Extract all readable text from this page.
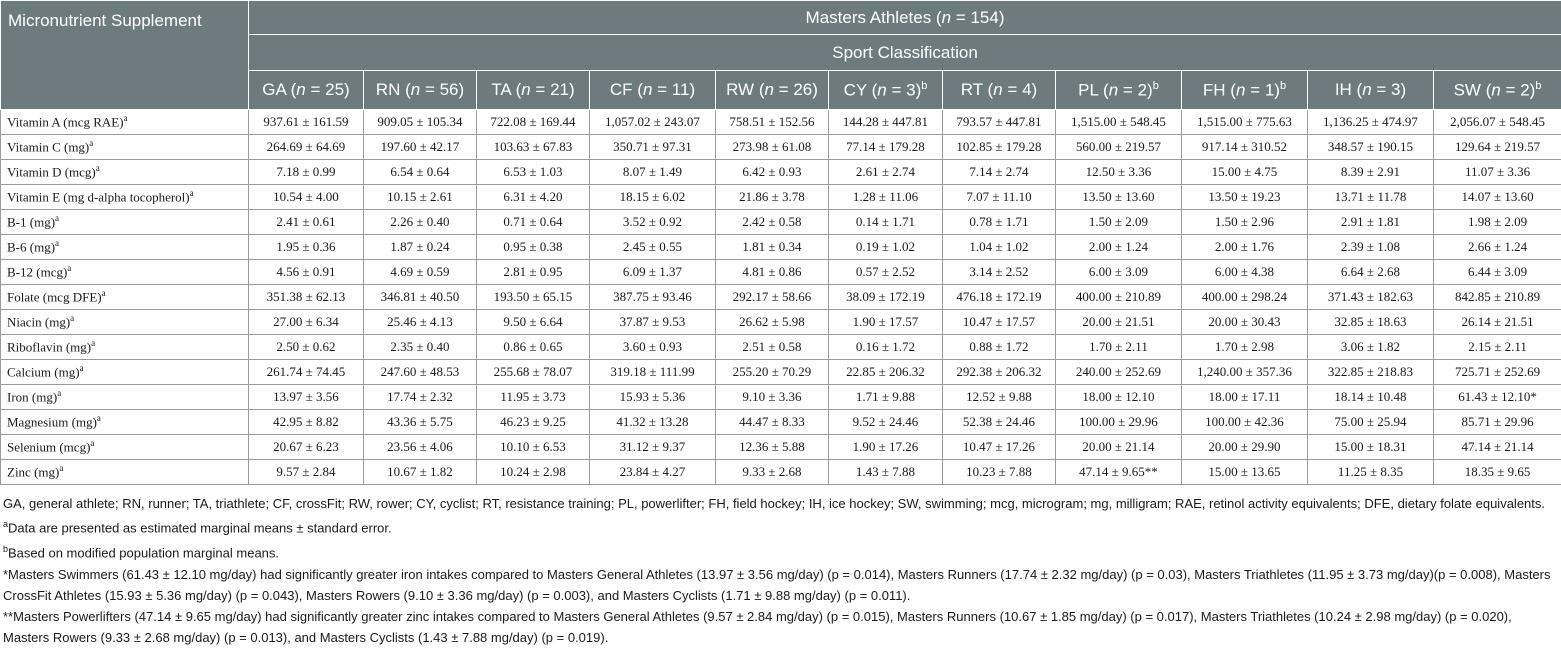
Micronutrient Supplement	Masters Athletes (n = 154)										
	Sport Classification										
	GA (n = 25)	RN (n = 56)	TA (n = 21)	CF (n = 11)	RW (n = 26)	CY (n = 3)$^b$	RT (n = 4)	PL (n = 2)$^b$	FH (n = 1)$^b$	IH (n = 3)	SW (n = 2)$^b$
Vitamin A (mcg RAE)$^a$	937.61 ± 161.59	909.05 ± 105.34	722.08 ± 169.44	1,057.02 ± 243.07	758.51 ± 152.56	144.28 ± 447.81	793.57 ± 447.81	1,515.00 ± 548.45	1,515.00 ± 775.63	1,136.25 ± 474.97	2,056.07 ± 548.45
Vitamin C (mg)$^a$	264.69 ± 64.69	197.60 ± 42.17	103.63 ± 67.83	350.71 ± 97.31	273.98 ± 61.08	77.14 ± 179.28	102.85 ± 179.28	560.00 ± 219.57	917.14 ± 310.52	348.57 ± 190.15	129.64 ± 219.57
Vitamin D (mcg)$^a$	7.18 ± 0.99	6.54 ± 0.64	6.53 ± 1.03	8.07 ± 1.49	6.42 ± 0.93	2.61 ± 2.74	7.14 ± 2.74	12.50 ± 3.36	15.00 ± 4.75	8.39 ± 2.91	11.07 ± 3.36
Vitamin E (mg d-alpha tocopherol)$^a$	10.54 ± 4.00	10.15 ± 2.61	6.31 ± 4.20	18.15 ± 6.02	21.86 ± 3.78	1.28 ± 11.06	7.07 ± 11.10	13.50 ± 13.60	13.50 ± 19.23	13.71 ± 11.78	14.07 ± 13.60
B-1 (mg)$^a$	2.41 ± 0.61	2.26 ± 0.40	0.71 ± 0.64	3.52 ± 0.92	2.42 ± 0.58	0.14 ± 1.71	0.78 ± 1.71	1.50 ± 2.09	1.50 ± 2.96	2.91 ± 1.81	1.98 ± 2.09
B-6 (mg)$^a$	1.95 ± 0.36	1.87 ± 0.24	0.95 ± 0.38	2.45 ± 0.55	1.81 ± 0.34	0.19 ± 1.02	1.04 ± 1.02	2.00 ± 1.24	2.00 ± 1.76	2.39 ± 1.08	2.66 ± 1.24
B-12 (mcg)$^a$	4.56 ± 0.91	4.69 ± 0.59	2.81 ± 0.95	6.09 ± 1.37	4.81 ± 0.86	0.57 ± 2.52	3.14 ± 2.52	6.00 ± 3.09	6.00 ± 4.38	6.64 ± 2.68	6.44 ± 3.09
Folate (mcg DFE)$^a$	351.38 ± 62.13	346.81 ± 40.50	193.50 ± 65.15	387.75 ± 93.46	292.17 ± 58.66	38.09 ± 172.19	476.18 ± 172.19	400.00 ± 210.89	400.00 ± 298.24	371.43 ± 182.63	842.85 ± 210.89
Niacin (mg)$^a$	27.00 ± 6.34	25.46 ± 4.13	9.50 ± 6.64	37.87 ± 9.53	26.62 ± 5.98	1.90 ± 17.57	10.47 ± 17.57	20.00 ± 21.51	20.00 ± 30.43	32.85 ± 18.63	26.14 ± 21.51
Riboflavin (mg)$^a$	2.50 ± 0.62	2.35 ± 0.40	0.86 ± 0.65	3.60 ± 0.93	2.51 ± 0.58	0.16 ± 1.72	0.88 ± 1.72	1.70 ± 2.11	1.70 ± 2.98	3.06 ± 1.82	2.15 ± 2.11
Calcium (mg)$^a$	261.74 ± 74.45	247.60 ± 48.53	255.68 ± 78.07	319.18 ± 111.99	255.20 ± 70.29	22.85 ± 206.32	292.38 ± 206.32	240.00 ± 252.69	1,240.00 ± 357.36	322.85 ± 218.83	725.71 ± 252.69
Iron (mg)$^a$	13.97 ± 3.56	17.74 ± 2.32	11.95 ± 3.73	15.93 ± 5.36	9.10 ± 3.36	1.71 ± 9.88	12.52 ± 9.88	18.00 ± 12.10	18.00 ± 17.11	18.14 ± 10.48	61.43 ± 12.10*
Magnesium (mg)$^a$	42.95 ± 8.82	43.36 ± 5.75	46.23 ± 9.25	41.32 ± 13.28	44.47 ± 8.33	9.52 ± 24.46	52.38 ± 24.46	100.00 ± 29.96	100.00 ± 42.36	75.00 ± 25.94	85.71 ± 29.96
Selenium (mcg)$^a$	20.67 ± 6.23	23.56 ± 4.06	10.10 ± 6.53	31.12 ± 9.37	12.36 ± 5.88	1.90 ± 17.26	10.47 ± 17.26	20.00 ± 21.14	20.00 ± 29.90	15.00 ± 18.31	47.14 ± 21.14
Zinc (mg)$^a$	9.57 ± 2.84	10.67 ± 1.82	10.24 ± 2.98	23.84 ± 4.27	9.33 ± 2.68	1.43 ± 7.88	10.23 ± 7.88	47.14 ± 9.65**	15.00 ± 13.65	11.25 ± 8.35	18.35 ± 9.65
GA, general athlete; RN, runner; TA, triathlete; CF, crossFit; RW, rower; CY, cyclist; RT, resistance training; PL, powerlifter; FH, field hockey; IH, ice hockey; SW, swimming; mcg, microgram; mg, milligram; RAE, retinol activity equivalents; DFE, dietary folate equivalents.
$^a$Data are presented as estimated marginal means ± standard error.
$^b$Based on modified population marginal means.
*Masters Swimmers (61.43 ± 12.10 mg/day) had significantly greater iron intakes compared to Masters General Athletes (13.97 ± 3.56 mg/day) (p = 0.014), Masters Runners (17.74 ± 2.32 mg/day) (p = 0.03), Masters Triathletes (11.95 ± 3.73 mg/day)(p = 0.008), Masters CrossFit Athletes (15.93 ± 5.36 mg/day) (p = 0.043), Masters Rowers (9.10 ± 3.36 mg/day) (p = 0.003), and Masters Cyclists (1.71 ± 9.88 mg/day) (p = 0.011).
**Masters Powerlifters (47.14 ± 9.65 mg/day) had significantly greater zinc intakes compared to Masters General Athletes (9.57 ± 2.84 mg/day) (p = 0.015), Masters Runners (10.67 ± 1.85 mg/day) (p = 0.017), Masters Triathletes (10.24 ± 2.98 mg/day) (p = 0.020), Masters Rowers (9.33 ± 2.68 mg/day) (p = 0.013), and Masters Cyclists (1.43 ± 7.88 mg/day) (p = 0.019).
